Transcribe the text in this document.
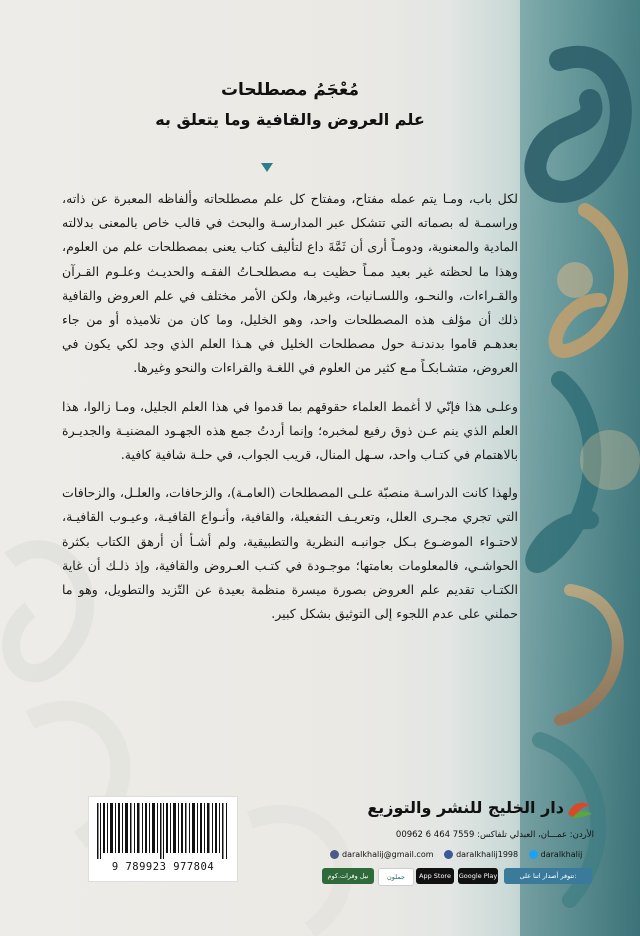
مُعْجَمُ مصطلحات
علم العروض والقافية وما يتعلق به

لكل باب، ومـا يتم عمله مفتاح، ومفتاح كل علم مصطلحاته وألفاظه المعبرة عن ذاته، وراسمـة له بصماته التي تتشكل عبر المدارسـة والبحث في قالب خاص بالمعنى بدلالته المادية والمعنوية، ودومـاً أرى أن ثَمَّةَ داع لتأليف كتاب يعنى بمصطلحات علم من العلوم، وهذا ما لحظته غير بعيد ممـاً حظيت بـه مصطلحـاتُ الفقـه والحديـث وعلـوم القـرآن والقـراءات، والنحـو، واللسـانيات، وغيرها، ولكن الأمر مختلف في علم العروض والقافية ذلك أن مؤلف هذه المصطلحات واحد، وهو الخليل، وما كان من تلاميذه أو من جاء بعدهـم قاموا بدندنـة حول مصطلحات الخليل في هـذا العلم الذي وجد لكي يكون في العروض، متشـابكـاً مـع كثير من العلوم في اللغـة والقراءات والنحو وغيرها.

وعلـى هذا فإنّي لا أغمط العلماء حقوقهم بما قدموا في هذا العلم الجليل، ومـا زالوا، هذا العلم الذي ينم عـن ذوق رفيع لمخبره؛ وإنما أردتُ جمع هذه الجهـود المضنيـة والجديـرة بالاهتمام في كتـاب واحد، سـهل المنال، قريب الجواب، في حلـة شافية كافية.

ولهذا كانت الدراسـة منصبّة علـى المصطلحات (العامـة)، والزحافات، والعلـل، والزحافات التي تجري مجـرى العلل، وتعريـف التفعيلة، والقافية، وأنـواع القافيـة، وعيـوب القافيـة، لاحتـواء الموضـوع بـكل جوانبـه النظرية والتطبيقية، ولم أشـأ أن أرهق الكتاب بكثرة الحواشـي، فالمعلومات بعامتها؛ موجـودة في كتـب العـروض والقافية، وإذ ذلـك أن غاية الكتـاب تقديم علم العروض بصورة ميسرة منظمة بعيدة عن التّزيد والتطويل، وهو ما حملني على عدم اللجوء إلى التوثيق بشكل كبير.

9 789923 977804
دار الخليج للنشر والتوزيع
الأردن: عمـــان، العبدلي تلفاكس: 7559 464 6 00962
daralkhalij@gmail.com
	daralkhalij1998
	daralkhalij
نيل وفرات.كوم	جملون	App Store	Google Play	تتوفر أصدار اتنا على:
